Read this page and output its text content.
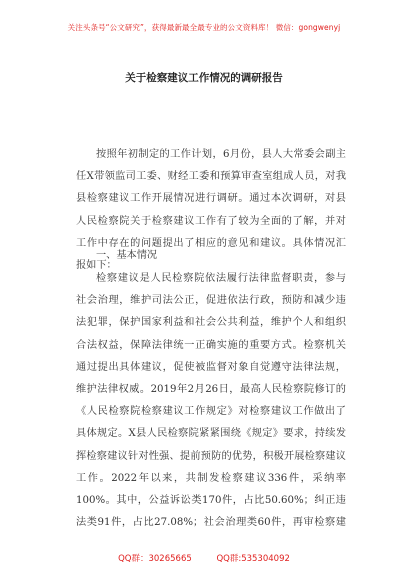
关注头条号“公文研究”，获得最新最全最专业的公文资料库！ 微信：gongwenyj
关于检察建议工作情况的调研报告
按照年初制定的工作计划，6月份，县人大常委会副主
任X带领监司工委、财经工委和预算审查室组成人员，对我
县检察建议工作开展情况进行调研。通过本次调研，对县
人民检察院关于检察建议工作有了较为全面的了解，并对
工作中存在的问题提出了相应的意见和建议。具体情况汇
报如下：
一、基本情况
检察建议是人民检察院依法履行法律监督职责，参与
社会治理，维护司法公正，促进依法行政，预防和减少违
法犯罪，保护国家利益和社会公共利益，维护个人和组织
合法权益，保障法律统一正确实施的重要方式。检察机关
通过提出具体建议，促使被监督对象自觉遵守法律法规，
维护法律权威。2019年2月26日，最高人民检察院修订的
《人民检察院检察建议工作规定》对检察建议工作做出了
具体规定。X县人民检察院紧紧围绕《规定》要求，持续发
挥检察建议针对性强、提前预防的优势，积极开展检察建议
工作。2022年以来，共制发检察建议336件，采纳率
100%。其中，公益诉讼类170件，占比50.60%；纠正违
法类91件，占比27.08%；社会治理类60件，再审检察建
QQ群：30265665	QQ群:535304092
